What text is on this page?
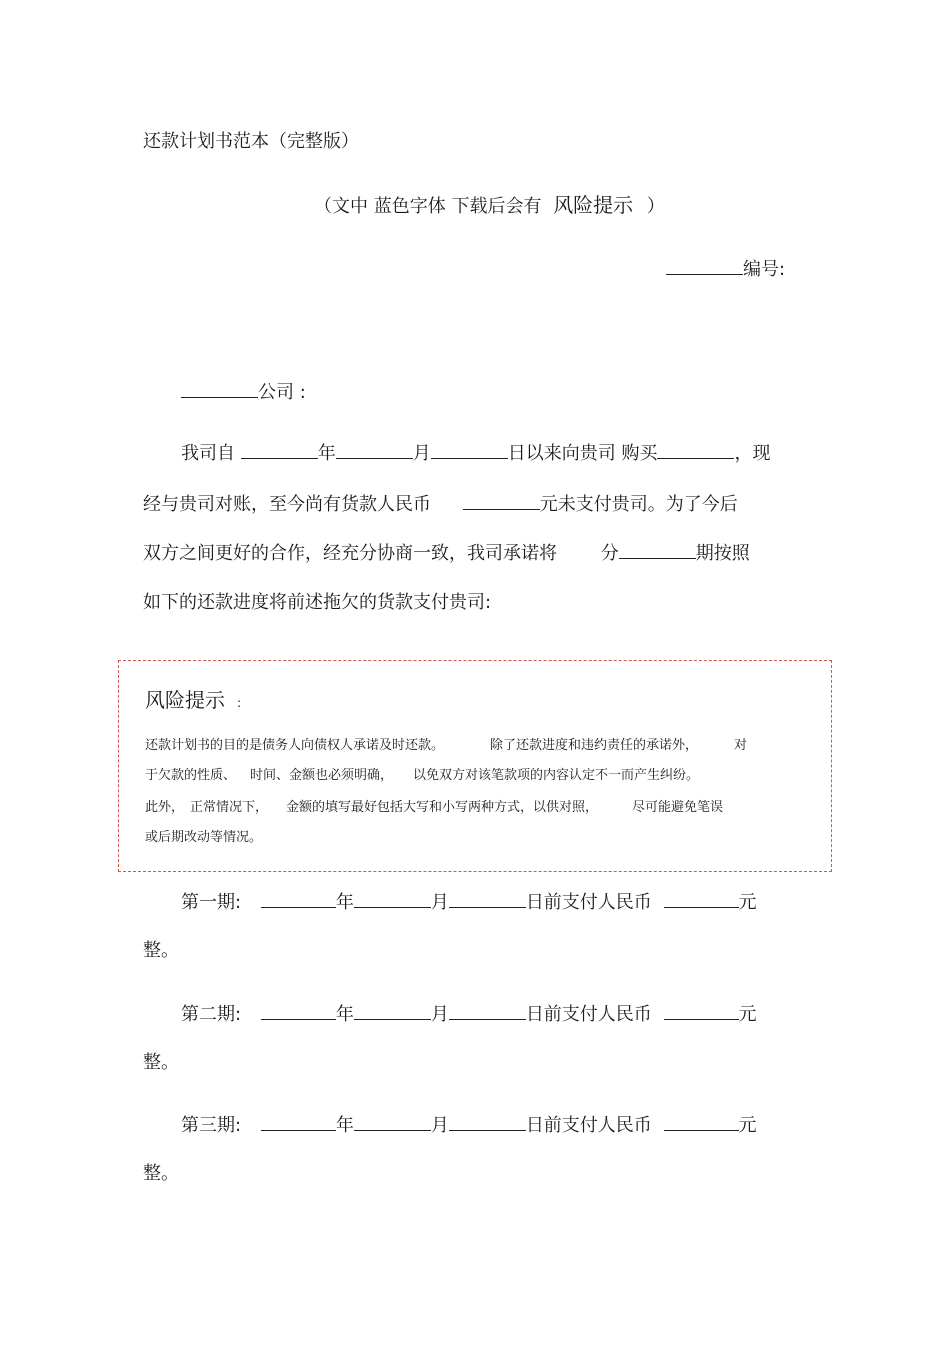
还款计划书范本（完整版）
（文中 蓝色字体 下载后会有 风险提示 ）
编号:
公司 :
我司自	年	月	日以来向贵司 购买	，现
经与贵司对账，至今尚有货款人民币	元未支付贵司。为了今后
双方之间更好的合作，经充分协商一致，我司承诺将 分	期按照
如下的还款进度将前述拖欠的货款支付贵司:
风险提示 :
还款计划书的目的是债务人向债权人承诺及时还款。	除了还款进度和违约责任的承诺外，	对
于欠款的性质、 时间、金额也必须明确， 以免双方对该笔款项的内容认定不一而产生纠纷。
此外， 正常情况下， 金额的填写最好包括大写和小写两种方式，以供对照，	尽可能避免笔误
或后期改动等情况。
第一期:	年	月	日前支付人民币	元
整。
第二期:	年	月	日前支付人民币	元
整。
第三期:	年	月	日前支付人民币	元
整。
